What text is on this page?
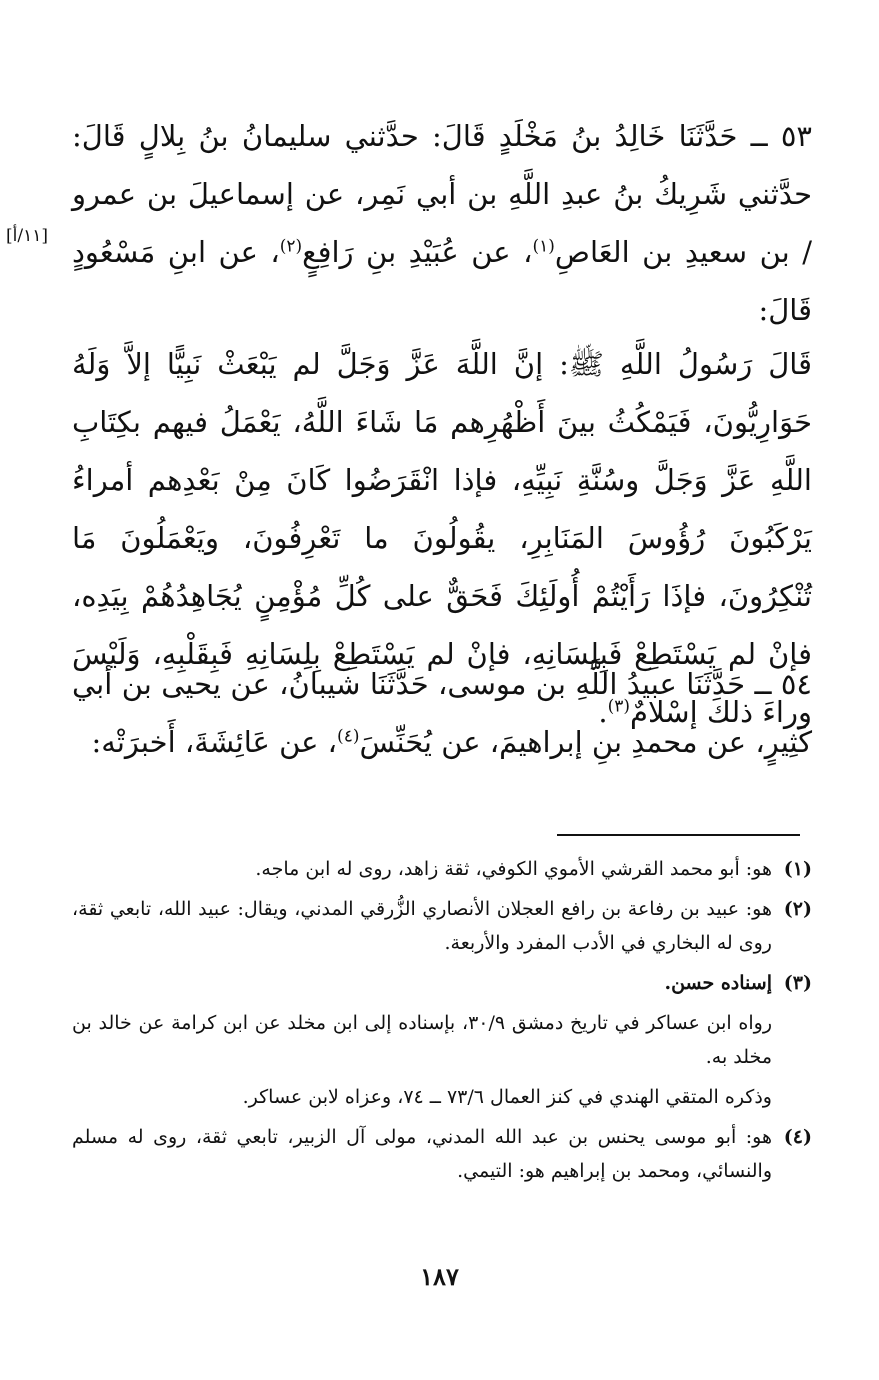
٥٣ ــ حَدَّثَنَا خَالِدُ بنُ مَخْلَدٍ قَالَ: حدَّثني سليمانُ بنُ بِلالٍ قَالَ: حدَّثني شَرِيكُ بنُ عبدِ اللَّهِ بن أبي نَمِر، عن إسماعيلَ بن عمرو / بن سعيدِ بن العَاصِ$^{(١)}$، عن عُبَيْدِ بنِ رَافِعٍ$^{(٢)}$، عن ابنِ مَسْعُودٍ قَالَ:
[١١/أ]
قَالَ رَسُولُ اللَّهِ ﷺ: إنَّ اللَّهَ عَزَّ وَجَلَّ لم يَبْعَثْ نَبِيًّا إلاَّ وَلَهُ حَوَارِيُّونَ، فَيَمْكُثُ بينَ أَظْهُرِهم مَا شَاءَ اللَّهُ، يَعْمَلُ فيهم بكِتَابِ اللَّهِ عَزَّ وَجَلَّ وسُنَّةِ نَبِيِّهِ، فإذا انْقَرَضُوا كَانَ مِنْ بَعْدِهم أمراءُ يَرْكَبُونَ رُؤُوسَ المَنَابِرِ، يقُولُونَ ما تَعْرِفُونَ، ويَعْمَلُونَ مَا تُنْكِرُونَ، فإذَا رَأَيْتُمْ أُولَئِكَ فَحَقٌّ على كُلِّ مُؤْمِنٍ يُجَاهِدُهُمْ بِيَدِه، فإنْ لم يَسْتَطِعْ فَبِلِسَانِهِ، فإنْ لم يَسْتَطِعْ بِلِسَانِهِ فَبِقَلْبِهِ، وَلَيْسَ وراءَ ذلكَ إسْلامٌ$^{(٣)}$.
٥٤ ــ حَدَّثَنَا عبيدُ اللَّهِ بن موسى، حَدَّثَنَا شيبانُ، عن يحيى بن أبي كَثِيرٍ، عن محمدِ بنِ إبراهيمَ، عن يُحَنِّسَ$^{(٤)}$، عن عَائِشَةَ، أَخبرَتْه:
(١)
هو: أبو محمد القرشي الأموي الكوفي، ثقة زاهد، روى له ابن ماجه.
(٢)
هو: عبيد بن رفاعة بن رافع العجلان الأنصاري الزُّرقي المدني، ويقال: عبيد الله، تابعي ثقة، روى له البخاري في الأدب المفرد والأربعة.
(٣)
إسناده حسن.
رواه ابن عساكر في تاريخ دمشق ٣٠/٩، بإسناده إلى ابن مخلد عن ابن كرامة عن خالد بن مخلد به.
وذكره المتقي الهندي في كنز العمال ٧٣/٦ ــ ٧٤، وعزاه لابن عساكر.
(٤)
هو: أبو موسى يحنس بن عبد الله المدني، مولى آل الزبير، تابعي ثقة، روى له مسلم والنسائي، ومحمد بن إبراهيم هو: التيمي.
١٨٧
